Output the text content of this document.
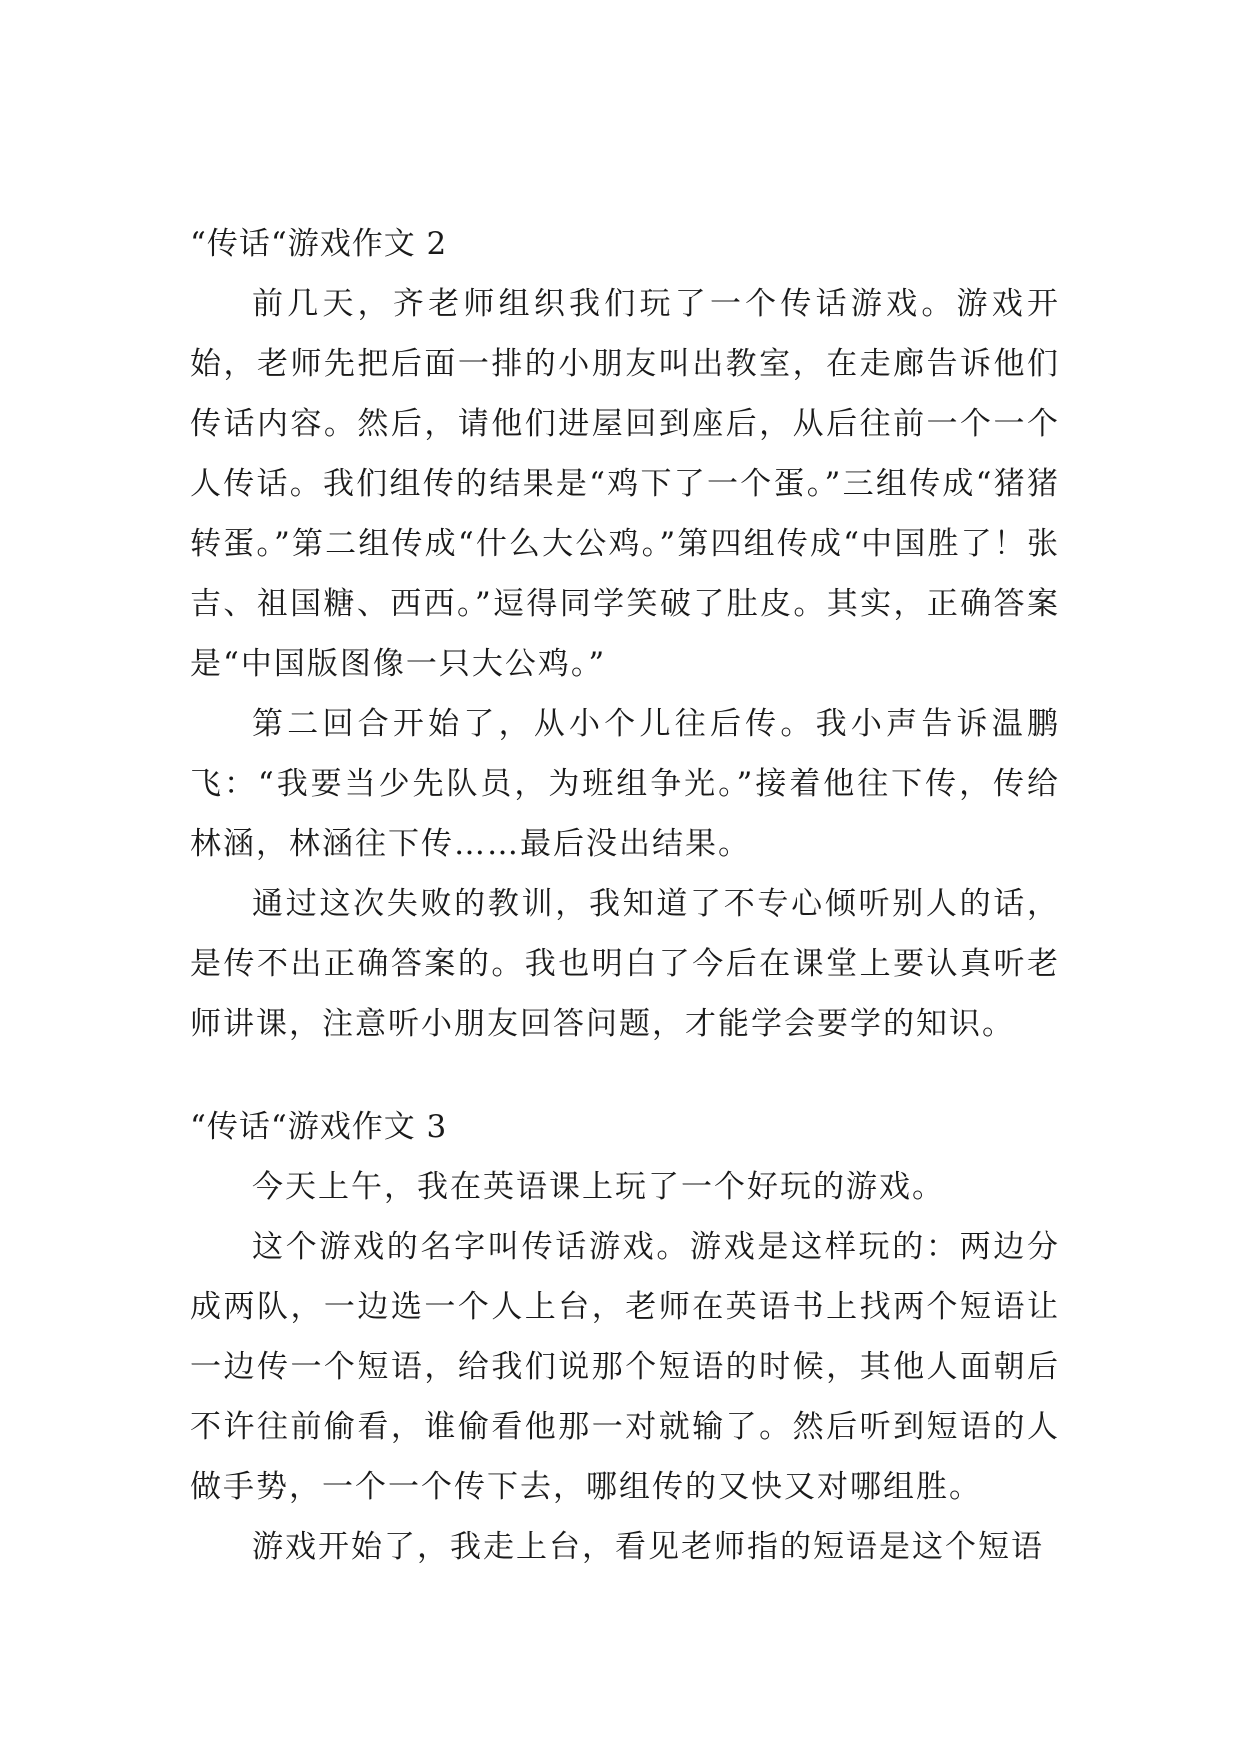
“传话“游戏作文 2

前几天，齐老师组织我们玩了一个传话游戏。游戏开始，老师先把后面一排的小朋友叫出教室，在走廊告诉他们传话内容。然后，请他们进屋回到座后，从后往前一个一个人传话。我们组传的结果是“鸡下了一个蛋。”三组传成“猪猪转蛋。”第二组传成“什么大公鸡。”第四组传成“中国胜了！张吉、祖国糖、西西。”逗得同学笑破了肚皮。其实，正确答案是“中国版图像一只大公鸡。”

第二回合开始了，从小个儿往后传。我小声告诉温鹏飞：“我要当少先队员，为班组争光。”接着他往下传，传给林涵，林涵往下传……最后没出结果。

通过这次失败的教训，我知道了不专心倾听别人的话，是传不出正确答案的。我也明白了今后在课堂上要认真听老师讲课，注意听小朋友回答问题，才能学会要学的知识。

“传话“游戏作文 3

今天上午，我在英语课上玩了一个好玩的游戏。

这个游戏的名字叫传话游戏。游戏是这样玩的：两边分成两队，一边选一个人上台，老师在英语书上找两个短语让一边传一个短语，给我们说那个短语的时候，其他人面朝后不许往前偷看，谁偷看他那一对就输了。然后听到短语的人做手势，一个一个传下去，哪组传的又快又对哪组胜。

游戏开始了，我走上台，看见老师指的短语是这个短语
